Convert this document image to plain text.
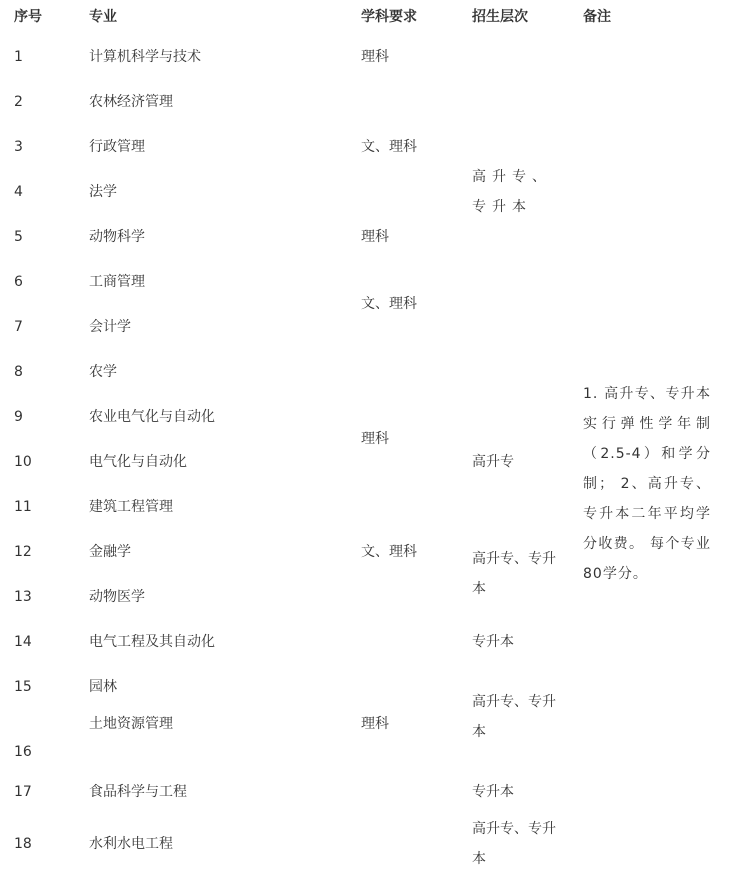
序号	专业	学科要求	招生层次	备注
1	计算机科学与技术	理科		
2	农林经济管理		高升专、专升本	
3	行政管理	文、理科		
4	法学			
5	动物科学	理科		
6	工商管理	文、理科		
7	会计学			
8	农学	理科		1. 高升专、专升本实行弹性学年制（2.5-4）和学分制； 2、高升专、专升本二年平均学分收费。 每个专业80学分。
9	农业电气化与自动化		高升专	
10	电气化与自动化			
11	建筑工程管理			
12	金融学	文、理科	高升专、专升本	
13	动物医学	理科		
14	电气工程及其自动化		专升本	
15	园林		高升专、专升本	
16	土地资源管理			
17	食品科学与工程		专升本	
18	水利水电工程		高升专、专升本	
